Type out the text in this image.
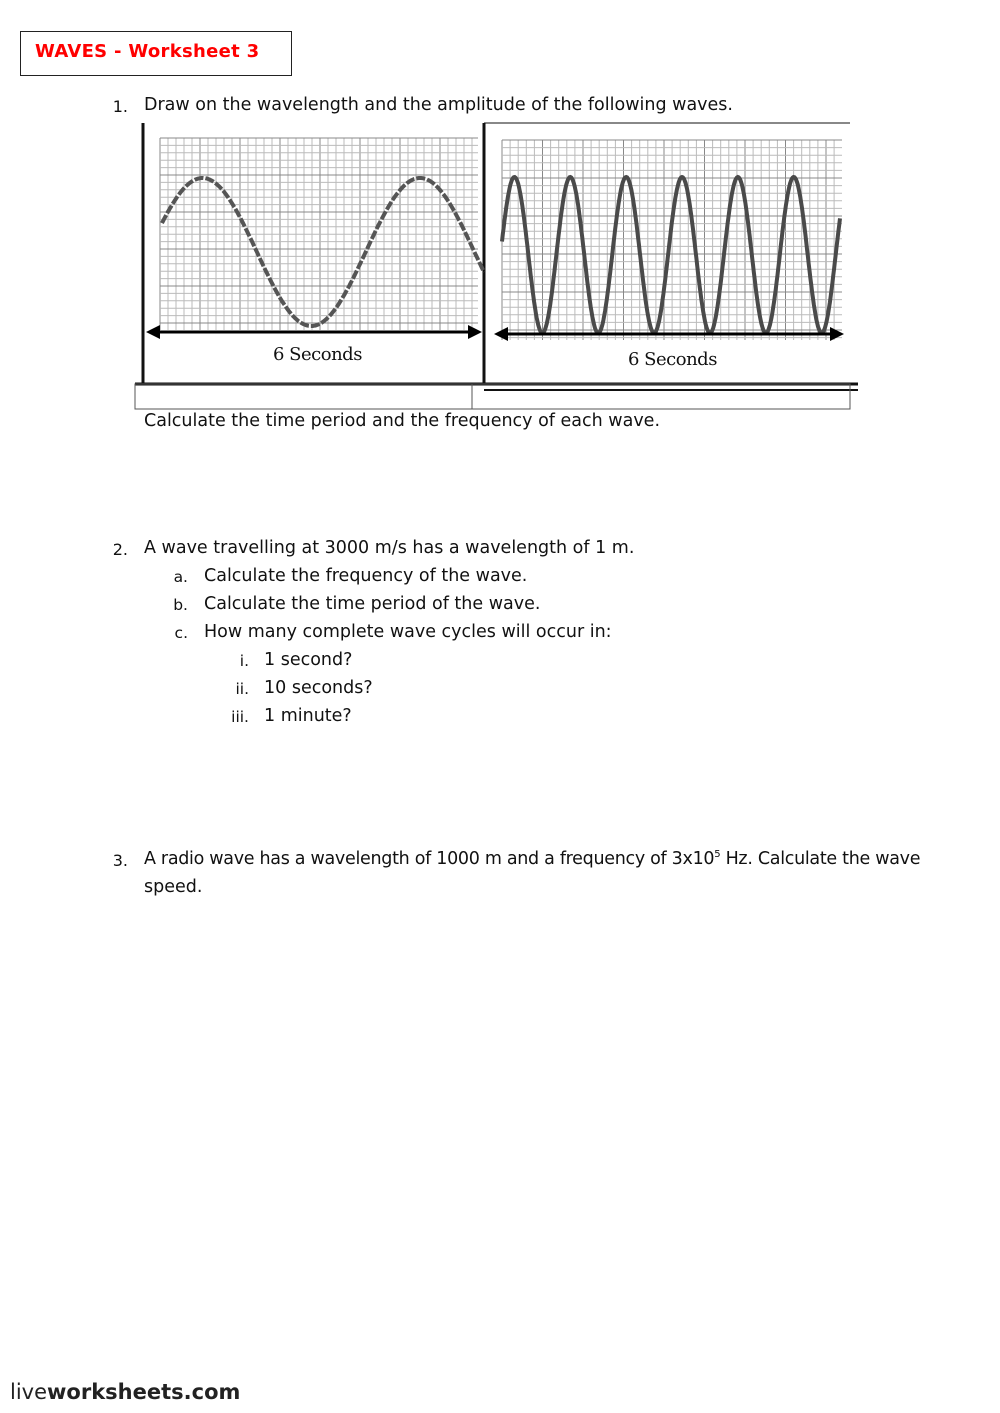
WAVES - Worksheet 3
1. Draw on the wavelength and the amplitude of the following waves.
6 Seconds	6 Seconds
Calculate the time period and the frequency of each wave.
2. A wave travelling at 3000 m/s has a wavelength of 1 m.
a. Calculate the frequency of the wave.
b. Calculate the time period of the wave.
c. How many complete wave cycles will occur in:
i. 1 second?
ii. 10 seconds?
iii. 1 minute?
3. A radio wave has a wavelength of 1000 m and a frequency of $3x10^5$ Hz. Calculate the wave
speed.
liveworksheets.com
